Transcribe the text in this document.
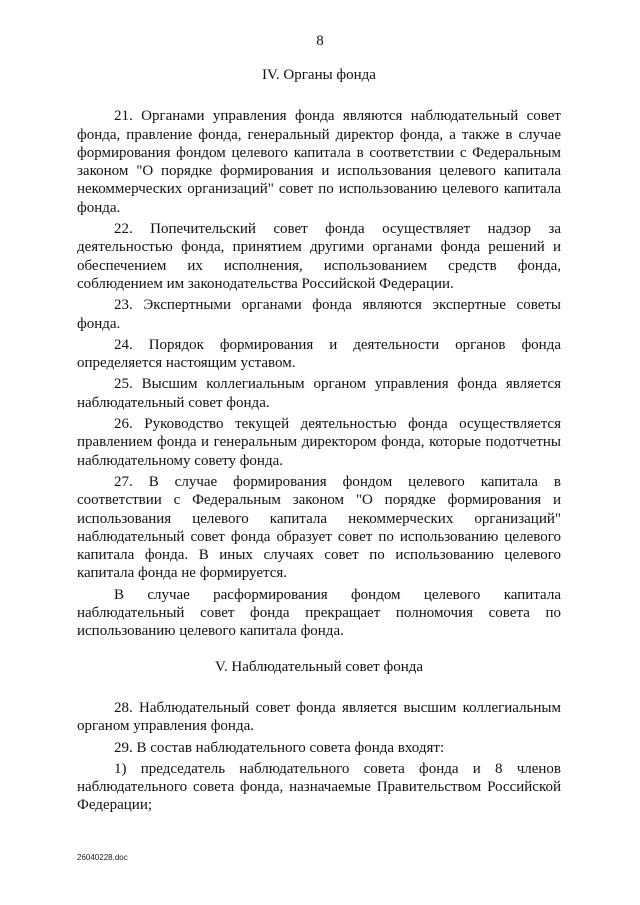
8
IV. Органы фонда

21. Органами управления фонда являются наблюдательный совет фонда, правление фонда, генеральный директор фонда, а также в случае формирования фондом целевого капитала в соответствии с Федеральным законом "О порядке формирования и использования целевого капитала некоммерческих организаций" совет по использованию целевого капитала фонда.

22. Попечительский совет фонда осуществляет надзор за деятельностью фонда, принятием другими органами фонда решений и обеспечением их исполнения, использованием средств фонда, соблюдением им законодательства Российской Федерации.

23. Экспертными органами фонда являются экспертные советы фонда.

24. Порядок формирования и деятельности органов фонда определяется настоящим уставом.

25. Высшим коллегиальным органом управления фонда является наблюдательный совет фонда.

26. Руководство текущей деятельностью фонда осуществляется правлением фонда и генеральным директором фонда, которые подотчетны наблюдательному совету фонда.

27. В случае формирования фондом целевого капитала в соответствии с Федеральным законом "О порядке формирования и использования целевого капитала некоммерческих организаций" наблюдательный совет фонда образует совет по использованию целевого капитала фонда. В иных случаях совет по использованию целевого капитала фонда не формируется.

В случае расформирования фондом целевого капитала наблюдательный совет фонда прекращает полномочия совета по использованию целевого капитала фонда.

V. Наблюдательный совет фонда

28. Наблюдательный совет фонда является высшим коллегиальным органом управления фонда.

29. В состав наблюдательного совета фонда входят:

1) председатель наблюдательного совета фонда и 8 членов наблюдательного совета фонда, назначаемые Правительством Российской Федерации;

26040228.doc
